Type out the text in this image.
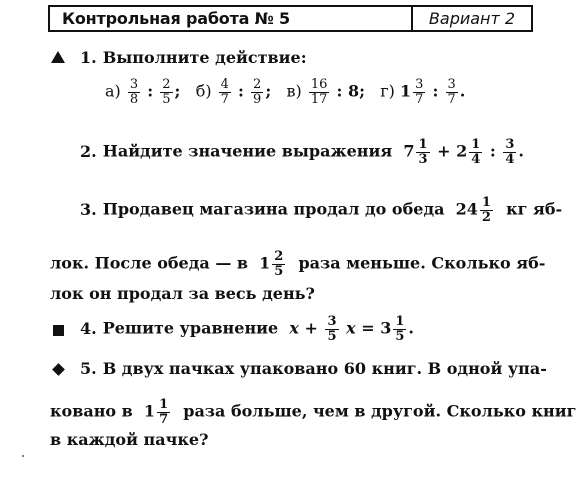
Контрольная работа № 5	Вариант 2
1. Выполните действие:
$а) \frac{3}{8}$ : $\frac{2}{5}$ ; $б) \frac{4}{7}$ : $\frac{2}{9}$ ; $в) \frac{16}{17}$ : 8; г) $1 \frac{3}{7}$ : $\frac{3}{7}$ .
2. Найдите значение выражения $7 \frac{1}{3} + 2 \frac{1}{4}$ : $\frac{3}{4}$ .
3. Продавец магазина продал до обеда $24 \frac{1}{2}$ кг яб-
лок. После обеда — в $1 \frac{2}{5}$ раза меньше. Сколько яб-
лок он продал за весь день?
4. Решите уравнение $x + \frac{3}{5}$ $x = 3 \frac{1}{5}$ .
5. В двух пачках упаковано 60 книг. В одной упа-
ковано в $1 \frac{1}{7}$ раза больше, чем в другой. Сколько книг
в каждой пачке?
